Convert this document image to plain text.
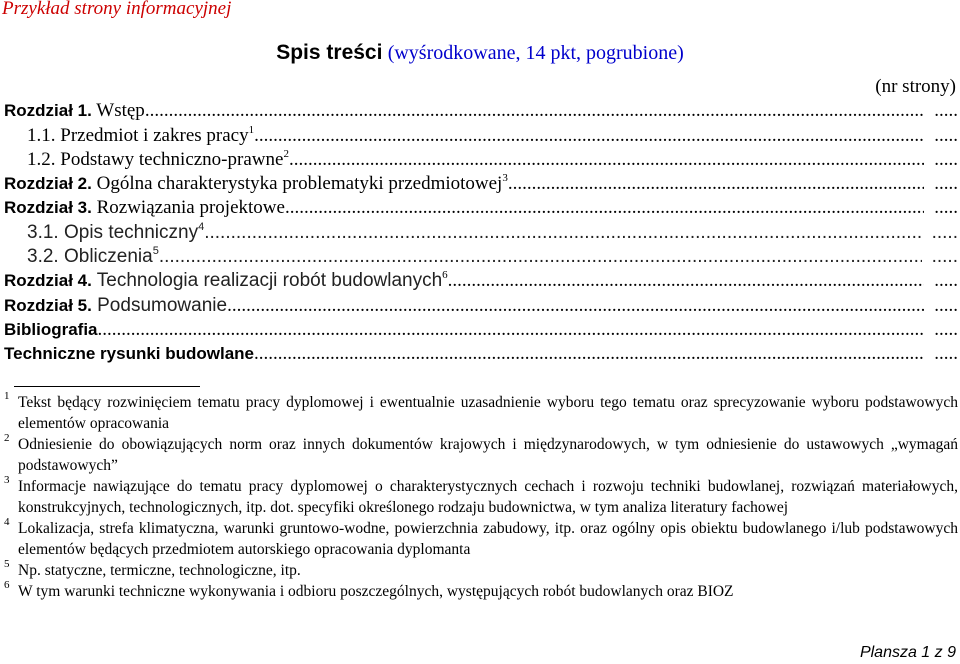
Przykład strony informacyjnej
Spis treści (wyśrodkowane, 14 pkt, pogrubione)
(nr strony)
Rozdział 1. Wstęp .....	.....
1.1. Przedmiot i zakres pracy$^1$ .....	.....
1.2. Podstawy techniczno-prawne$^2$ .....	.....
Rozdział 2. Ogólna charakterystyka problematyki przedmiotowej$^3$ .....	.....
Rozdział 3. Rozwiązania projektowe .....	.....
3.1. Opis techniczny$^4$ .....	.....
3.2. Obliczenia$^5$ .....	.....
Rozdział 4. Technologia realizacji robót budowlanych$^6$ .....	.....
Rozdział 5. Podsumowanie .....	.....
Bibliografia .....	.....
Techniczne rysunki budowlane .....	.....
1 Tekst będący rozwinięciem tematu pracy dyplomowej i ewentualnie uzasadnienie wyboru tego tematu oraz sprecyzowanie wyboru podstawowych elementów opracowania
2 Odniesienie do obowiązujących norm oraz innych dokumentów krajowych i międzynarodowych, w tym odniesienie do ustawowych „wymagań podstawowych”
3 Informacje nawiązujące do tematu pracy dyplomowej o charakterystycznych cechach i rozwoju techniki budowlanej, rozwiązań materiałowych, konstrukcyjnych, technologicznych, itp. dot. specyfiki określonego rodzaju budownictwa, w tym analiza literatury fachowej
4 Lokalizacja, strefa klimatyczna, warunki gruntowo-wodne, powierzchnia zabudowy, itp. oraz ogólny opis obiektu budowlanego i/lub podstawowych elementów będących przedmiotem autorskiego opracowania dyplomanta
5 Np. statyczne, termiczne, technologiczne, itp.
6 W tym warunki techniczne wykonywania i odbioru poszczególnych, występujących robót budowlanych oraz BIOZ
Plansza 1 z 9
